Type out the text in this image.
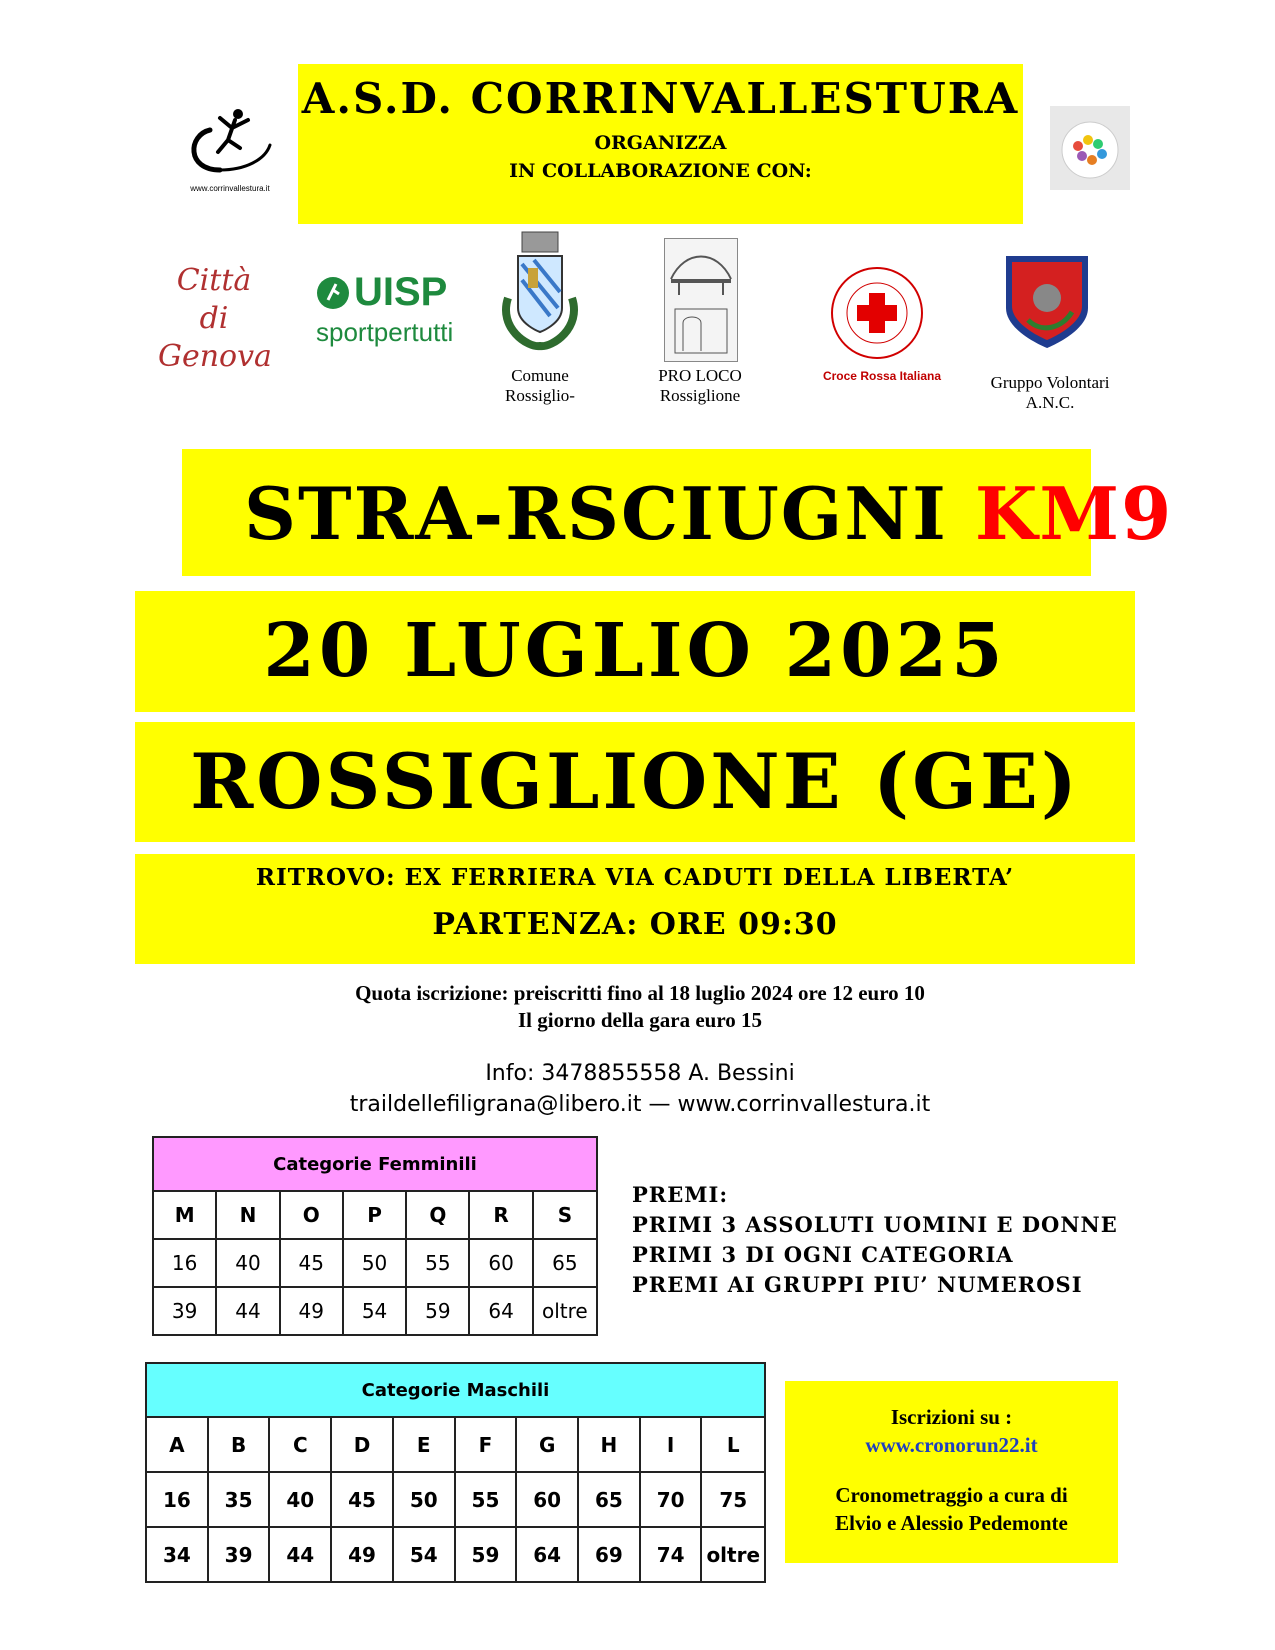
A.S.D. CORRINVALLESTURA
ORGANIZZA
IN COLLABORAZIONE CON:
www.corrinvallestura.it
Città di
Genova
UISP
sportpertutti
Comune
Rossiglio-
PRO LOCO
Rossiglione
Croce Rossa Italiana	Gruppo Volontari
A.N.C.
STRA-RSCIUGNI KM9
20 LUGLIO 2025
ROSSIGLIONE (GE)
RITROVO: EX FERRIERA VIA CADUTI DELLA LIBERTA’
PARTENZA: ORE 09:30
Quota iscrizione: preiscritti fino al 18 luglio 2024 ore 12 euro 10
Il giorno della gara euro 15
Info: 3478855558 A. Bessini
traildellefiligrana@libero.it — www.corrinvallestura.it
Categorie Femminili						
M	N	O	P	Q	R	S
16	40	45	50	55	60	65
39	44	49	54	59	64	oltre
PREMI:
PRIMI 3 ASSOLUTI UOMINI E DONNE
PRIMI 3 DI OGNI CATEGORIA
PREMI AI GRUPPI PIU’ NUMEROSI
Categorie Maschili									
A	B	C	D	E	F	G	H	I	L
16	35	40	45	50	55	60	65	70	75
34	39	44	49	54	59	64	69	74	oltre
Iscrizioni su :
www.cronorun22.it
Cronometraggio a cura di
Elvio e Alessio Pedemonte
